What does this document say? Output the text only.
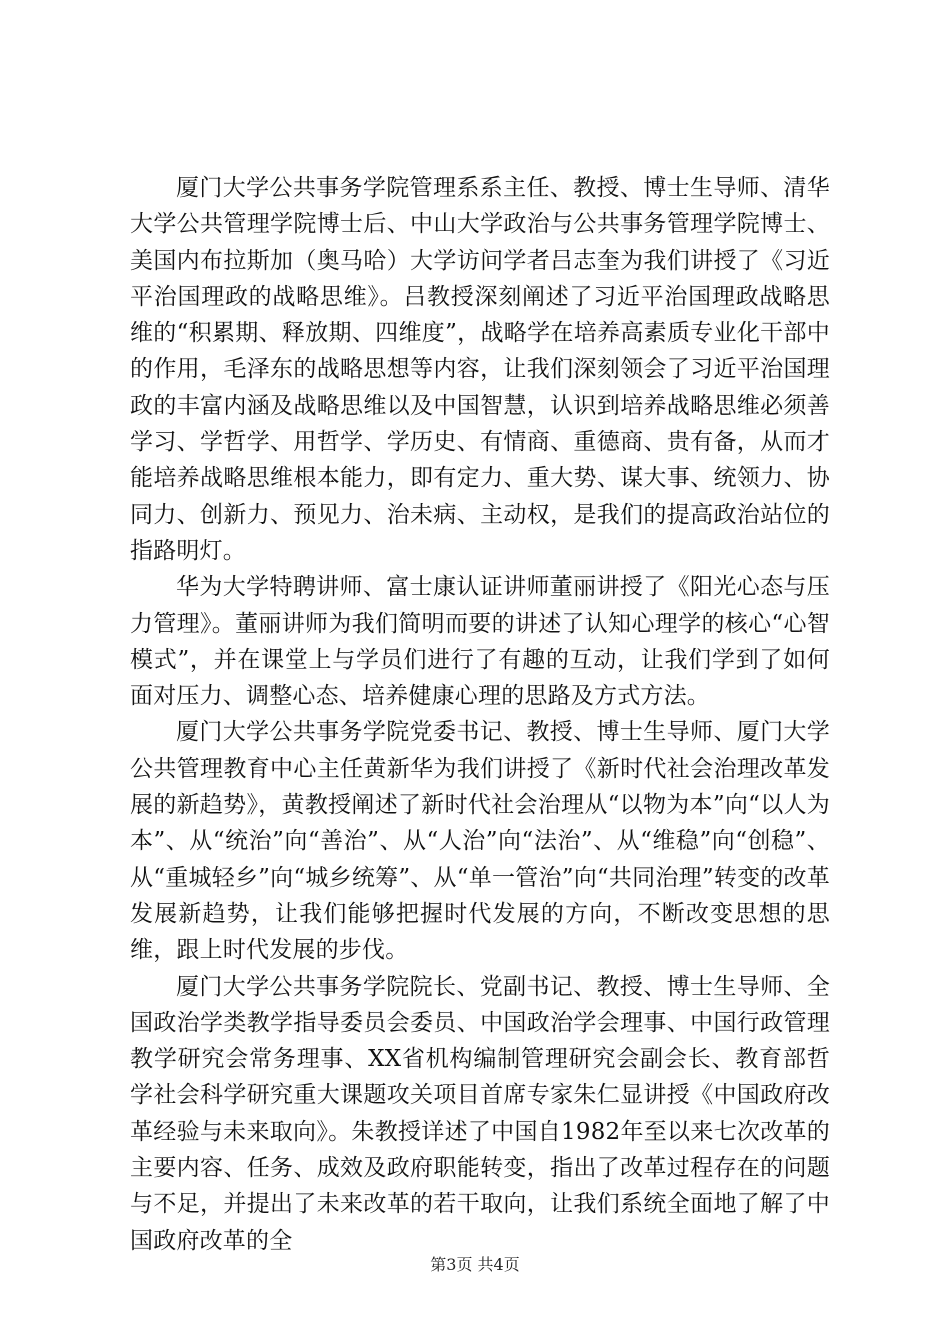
厦门大学公共事务学院管理系系主任、教授、博士生导师、清华大学公共管理学院博士后、中山大学政治与公共事务管理学院博士、美国内布拉斯加（奥马哈）大学访问学者吕志奎为我们讲授了《习近平治国理政的战略思维》。吕教授深刻阐述了习近平治国理政战略思维的“积累期、释放期、四维度”，战略学在培养高素质专业化干部中的作用，毛泽东的战略思想等内容，让我们深刻领会了习近平治国理政的丰富内涵及战略思维以及中国智慧，认识到培养战略思维必须善学习、学哲学、用哲学、学历史、有情商、重德商、贵有备，从而才能培养战略思维根本能力，即有定力、重大势、谋大事、统领力、协同力、创新力、预见力、治未病、主动权，是我们的提高政治站位的指路明灯。

华为大学特聘讲师、富士康认证讲师董丽讲授了《阳光心态与压力管理》。董丽讲师为我们简明而要的讲述了认知心理学的核心“心智模式”，并在课堂上与学员们进行了有趣的互动，让我们学到了如何面对压力、调整心态、培养健康心理的思路及方式方法。

厦门大学公共事务学院党委书记、教授、博士生导师、厦门大学公共管理教育中心主任黄新华为我们讲授了《新时代社会治理改革发展的新趋势》，黄教授阐述了新时代社会治理从“以物为本”向“以人为本”、从“统治”向“善治”、从“人治”向“法治”、从“维稳”向“创稳”、从“重城轻乡”向“城乡统筹”、从“单一管治”向“共同治理”转变的改革发展新趋势，让我们能够把握时代发展的方向，不断改变思想的思维，跟上时代发展的步伐。

厦门大学公共事务学院院长、党副书记、教授、博士生导师、全国政治学类教学指导委员会委员、中国政治学会理事、中国行政管理教学研究会常务理事、XX省机构编制管理研究会副会长、教育部哲学社会科学研究重大课题攻关项目首席专家朱仁显讲授《中国政府改革经验与未来取向》。朱教授详述了中国自1982年至以来七次改革的主要内容、任务、成效及政府职能转变，指出了改革过程存在的问题与不足，并提出了未来改革的若干取向，让我们系统全面地了解了中国政府改革的全

第3页 共4页
